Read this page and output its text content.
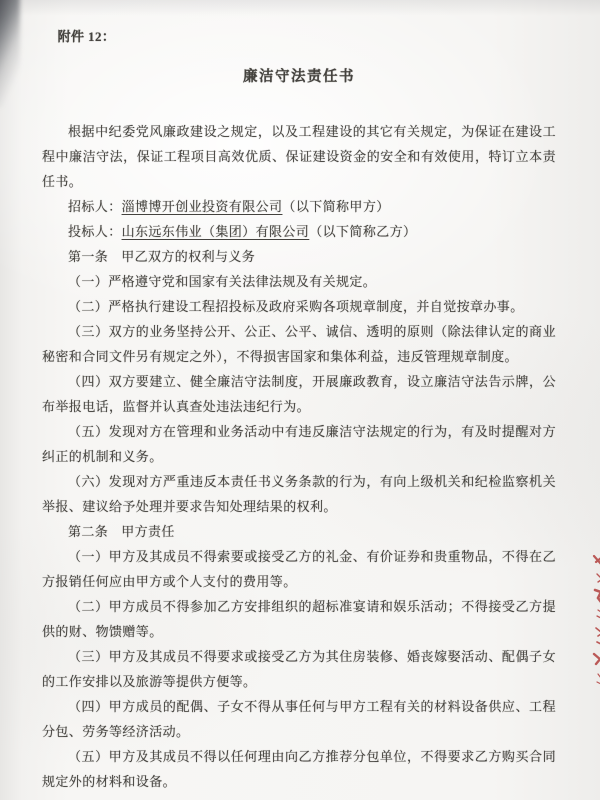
附件 12：

廉洁守法责任书

根据中纪委党风廉政建设之规定，以及工程建设的其它有关规定，为保证在建设工程中廉洁守法，保证工程项目高效优质、保证建设资金的安全和有效使用，特订立本责任书。

招标人：淄博博开创业投资有限公司（以下简称甲方）

投标人：山东远东伟业（集团）有限公司（以下简称乙方）

第一条 甲乙双方的权利与义务

（一）严格遵守党和国家有关法律法规及有关规定。

（二）严格执行建设工程招投标及政府采购各项规章制度，并自觉按章办事。

（三）双方的业务坚持公开、公正、公平、诚信、透明的原则（除法律认定的商业秘密和合同文件另有规定之外），不得损害国家和集体利益，违反管理规章制度。

（四）双方要建立、健全廉洁守法制度，开展廉政教育，设立廉洁守法告示牌，公布举报电话，监督并认真查处违法违纪行为。

（五）发现对方在管理和业务活动中有违反廉洁守法规定的行为，有及时提醒对方纠正的机制和义务。

（六）发现对方严重违反本责任书义务条款的行为，有向上级机关和纪检监察机关举报、建议给予处理并要求告知处理结果的权利。

第二条 甲方责任

（一）甲方及其成员不得索要或接受乙方的礼金、有价证券和贵重物品，不得在乙方报销任何应由甲方或个人支付的费用等。

（二）甲方成员不得参加乙方安排组织的超标准宴请和娱乐活动；不得接受乙方提供的财、物馈赠等。

（三）甲方及其成员不得要求或接受乙方为其住房装修、婚丧嫁娶活动、配偶子女的工作安排以及旅游等提供方便等。

（四）甲方成员的配偶、子女不得从事任何与甲方工程有关的材料设备供应、工程分包、劳务等经济活动。

（五）甲方及其成员不得以任何理由向乙方推荐分包单位，不得要求乙方购买合同规定外的材料和设备。
